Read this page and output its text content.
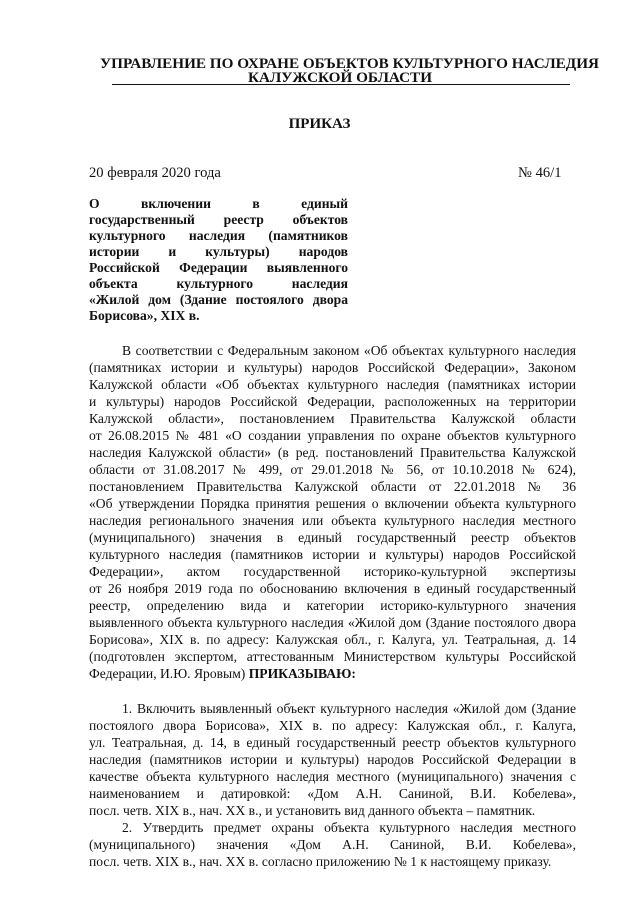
УПРАВЛЕНИЕ ПО ОХРАНЕ ОБЪЕКТОВ КУЛЬТУРНОГО НАСЛЕДИЯ
КАЛУЖСКОЙ ОБЛАСТИ
ПРИКАЗ
20 февраля 2020 года	№ 46/1
О включении в единый
государственный реестр объектов
культурного наследия (памятников
истории и культуры) народов
Российской Федерации выявленного
объекта культурного наследия
«Жилой дом (Здание постоялого двора
Борисова», XIX в.
В соответствии с Федеральным законом «Об объектах культурного наследия
(памятниках истории и культуры) народов Российской Федерации», Законом
Калужской области «Об объектах культурного наследия (памятниках истории
и культуры) народов Российской Федерации, расположенных на территории
Калужской области», постановлением Правительства Калужской области
от 26.08.2015 № 481 «О создании управления по охране объектов культурного
наследия Калужской области» (в ред. постановлений Правительства Калужской
области от 31.08.2017 № 499, от 29.01.2018 № 56, от 10.10.2018 № 624),
постановлением Правительства Калужской области от 22.01.2018 № 36
«Об утверждении Порядка принятия решения о включении объекта культурного
наследия регионального значения или объекта культурного наследия местного
(муниципального) значения в единый государственный реестр объектов
культурного наследия (памятников истории и культуры) народов Российской
Федерации», актом государственной историко-культурной экспертизы
от 26 ноября 2019 года по обоснованию включения в единый государственный
реестр, определению вида и категории историко-культурного значения
выявленного объекта культурного наследия «Жилой дом (Здание постоялого двора
Борисова», XIX в. по адресу: Калужская обл., г. Калуга, ул. Театральная, д. 14
(подготовлен экспертом, аттестованным Министерством культуры Российской
Федерации, И.Ю. Яровым) ПРИКАЗЫВАЮ:
1. Включить выявленный объект культурного наследия «Жилой дом (Здание
постоялого двора Борисова», XIX в. по адресу: Калужская обл., г. Калуга,
ул. Театральная, д. 14, в единый государственный реестр объектов культурного
наследия (памятников истории и культуры) народов Российской Федерации в
качестве объекта культурного наследия местного (муниципального) значения с
наименованием и датировкой: «Дом А.Н. Саниной, В.И. Кобелева»,
посл. четв. XIX в., нач. XX в., и установить вид данного объекта – памятник.
2. Утвердить предмет охраны объекта культурного наследия местного
(муниципального) значения «Дом А.Н. Саниной, В.И. Кобелева»,
посл. четв. XIX в., нач. XX в. согласно приложению № 1 к настоящему приказу.
